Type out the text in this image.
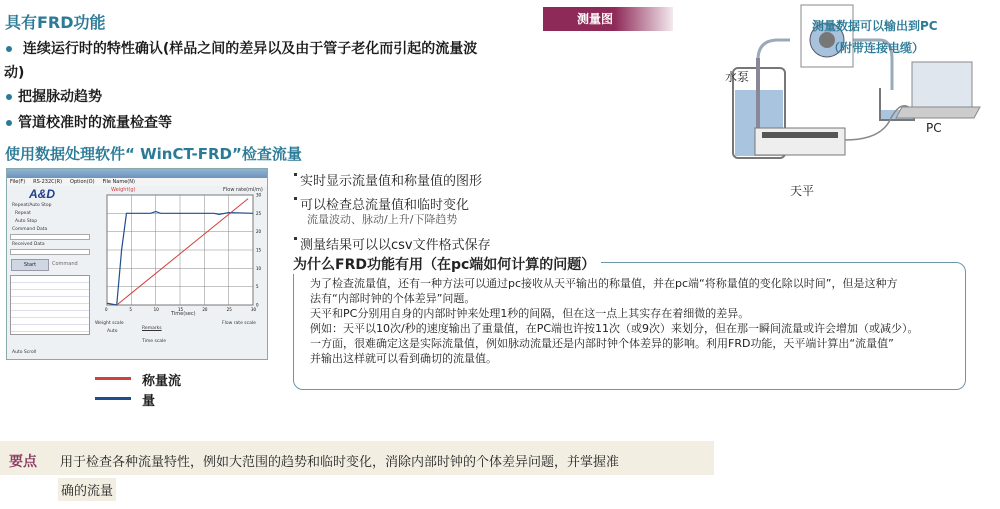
具有FRD功能
连续运行时的特性确认(样品之间的差异以及由于管子老化而引起的流量波
动)
把握脉动趋势
管道校准时的流量检查等
使用数据处理软件“ WinCT-FRD”检查流量
File(F) RS-232C(R) Option(O) File Name(N)
A&D
Repeat/Auto Stop
Repeat
Auto Stop
Command Data
Received Data
Start	Command
Auto Scroll
Weight(g)	Flow rate(ml/m)
0	5	10	15	20	25	30
0
5
10
15
20
25
30
Time(sec)
Weight scale
Remarks
Time scale
Flow rate scale
Auto
称量流
量
实时显示流量值和称量值的图形
可以检查总流量值和临时变化
流量波动、脉动/上升/下降趋势
测量结果可以以csv文件格式保存
为什么FRD功能有用（在pc端如何计算的问题）
为了检查流量值，还有一种方法可以通过pc接收从天平输出的称量值，并在pc端“将称量值的变化除以时间”，但是这种方
法有“内部时钟的个体差异”问题。
天平和PC分别用自身的内部时钟来处理1秒的间隔，但在这一点上其实存在着细微的差异。
例如：天平以10次/秒的速度输出了重量值，在PC端也许按11次（或9次）来划分，但在那一瞬间流量或许会增加（或减少）。
一方面，很难确定这是实际流量值，例如脉动流量还是内部时钟个体差异的影响。利用FRD功能，天平端计算出“流量值”
并输出这样就可以看到确切的流量值。
测量图
水泵
天平
PC
测量数据可以输出到PC
（附带连接电缆）
要点 用于检查各种流量特性，例如大范围的趋势和临时变化，消除内部时钟的个体差异问题，并掌握准
确的流量
